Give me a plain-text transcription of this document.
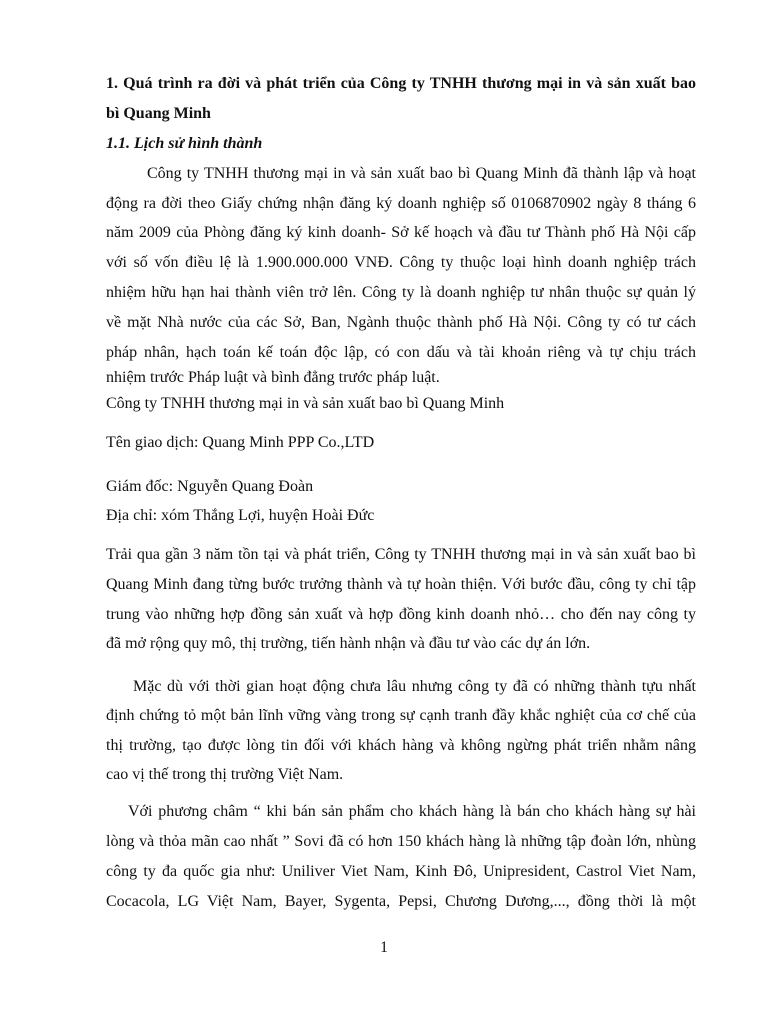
1. Quá trình ra đời và phát triển của Công ty TNHH thương mại in và sản xuất bao

bì Quang Minh

1.1. Lịch sử hình thành

Công ty TNHH thương mại in và sản xuất bao bì Quang Minh đã thành lập và hoạt

động ra đời theo Giấy chứng nhận đăng ký doanh nghiệp số 0106870902 ngày 8 tháng 6

năm 2009 của Phòng đăng ký kinh doanh- Sở kế hoạch và đầu tư Thành phố Hà Nội cấp

với số vốn điều lệ là 1.900.000.000 VNĐ. Công ty thuộc loại hình doanh nghiệp trách

nhiệm hữu hạn hai thành viên trở lên. Công ty là doanh nghiệp tư nhân thuộc sự quản lý

về mặt Nhà nước của các Sở, Ban, Ngành thuộc thành phố Hà Nội. Công ty có tư cách

pháp nhân, hạch toán kế toán độc lập, có con dấu và tài khoản riêng và tự chịu trách

nhiệm trước Pháp luật và bình đẳng trước pháp luật.

Công ty TNHH thương mại in và sản xuất bao bì Quang Minh

Tên giao dịch: Quang Minh PPP Co.,LTD

Giám đốc: Nguyễn Quang Đoàn

Địa chỉ: xóm Thắng Lợi, huyện Hoài Đức

Trải qua gần 3 năm tồn tại và phát triển, Công ty TNHH thương mại in và sản xuất bao bì

Quang Minh đang từng bước trưởng thành và tự hoàn thiện. Với bước đầu, công ty chỉ tập

trung vào những hợp đồng sản xuất và hợp đồng kinh doanh nhỏ… cho đến nay công ty

đã mở rộng quy mô, thị trường, tiến hành nhận và đầu tư vào các dự án lớn.

Mặc dù với thời gian hoạt động chưa lâu nhưng công ty đã có những thành tựu nhất

định chứng tỏ một bản lĩnh vững vàng trong sự cạnh tranh đầy khắc nghiệt của cơ chế của

thị trường, tạo được lòng tin đối với khách hàng và không ngừng phát triển nhằm nâng

cao vị thế trong thị trường Việt Nam.

Với phương châm “ khi bán sản phẩm cho khách hàng là bán cho khách hàng sự hài

lòng và thỏa mãn cao nhất ” Sovi đã có hơn 150 khách hàng là những tập đoàn lớn, nhùng

công ty đa quốc gia như: Uniliver Viet Nam, Kinh Đô, Unipresident, Castrol Viet Nam,

Cocacola, LG Việt Nam, Bayer, Sygenta, Pepsi, Chương Dương,..., đồng thời là một

1
